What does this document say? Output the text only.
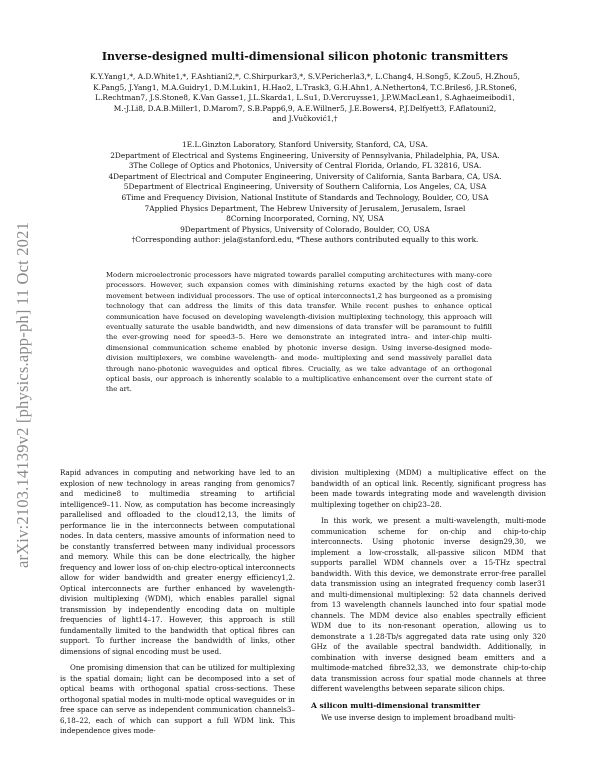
arXiv:2103.14139v2 [physics.app-ph] 11 Oct 2021
Inverse-designed multi-dimensional silicon photonic transmitters
K.Y.Yang1,*, A.D.White1,*, F.Ashtiani2,*, C.Shirpurkar3,*, S.V.Pericherla3,*, L.Chang4, H.Song5, K.Zou5, H.Zhou5,
K.Pang5, J.Yang1, M.A.Guidry1, D.M.Lukin1, H.Hao2, L.Trask3, G.H.Ahn1, A.Netherton4, T.C.Briles6, J.R.Stone6,
L.Rechtman7, J.S.Stone8, K.Van Gasse1, J.L.Skarda1, L.Su1, D.Vercruysse1, J.P.W.MacLean1, S.Aghaeimeibodi1,
M.-J.Li8, D.A.B.Miller1, D.Marom7, S.B.Papp6,9, A.E.Willner5, J.E.Bowers4, P.J.Delfyett3, F.Aflatouni2,
and J.Vučković1,†
1E.L.Ginzton Laboratory, Stanford University, Stanford, CA, USA.
2Department of Electrical and Systems Engineering, University of Pennsylvania, Philadelphia, PA, USA.
3The College of Optics and Photonics, University of Central Florida, Orlando, FL 32816, USA.
4Department of Electrical and Computer Engineering, University of California, Santa Barbara, CA, USA.
5Department of Electrical Engineering, University of Southern California, Los Angeles, CA, USA
6Time and Frequency Division, National Institute of Standards and Technology, Boulder, CO, USA
7Applied Physics Department, The Hebrew University of Jerusalem, Jerusalem, Israel
8Corning Incorporated, Corning, NY, USA
9Department of Physics, University of Colorado, Boulder, CO, USA
†Corresponding author: jela@stanford.edu, *These authors contributed equally to this work.
Modern microelectronic processors have migrated towards parallel computing architectures with many-core processors. However, such expansion comes with diminishing returns exacted by the high cost of data movement between individual processors. The use of optical interconnects1,2 has burgeoned as a promising technology that can address the limits of this data transfer. While recent pushes to enhance optical communication have focused on developing wavelength-division multiplexing technology, this approach will eventually saturate the usable bandwidth, and new dimensions of data transfer will be paramount to fulfill the ever-growing need for speed3–5. Here we demonstrate an integrated intra- and inter-chip multi-dimensional communication scheme enabled by photonic inverse design. Using inverse-designed mode-division multiplexers, we combine wavelength- and mode- multiplexing and send massively parallel data through nano-photonic waveguides and optical fibres. Crucially, as we take advantage of an orthogonal optical basis, our approach is inherently scalable to a multiplicative enhancement over the current state of the art.

Rapid advances in computing and networking have led to an explosion of new technology in areas ranging from genomics7 and medicine8 to multimedia streaming to artificial intelligence9–11. Now, as computation has become increasingly parallelised and offloaded to the cloud12,13, the limits of performance lie in the interconnects between computational nodes. In data centers, massive amounts of information need to be constantly transferred between many individual processors and memory. While this can be done electrically, the higher frequency and lower loss of on-chip electro-optical interconnects allow for wider bandwidth and greater energy efficiency1,2. Optical interconnects are further enhanced by wavelength-division multiplexing (WDM), which enables parallel signal transmission by independently encoding data on multiple frequencies of light14–17. However, this approach is still fundamentally limited to the bandwidth that optical fibres can support. To further increase the bandwidth of links, other dimensions of signal encoding must be used.

One promising dimension that can be utilized for multiplexing is the spatial domain; light can be decomposed into a set of optical beams with orthogonal spatial cross-sections. These orthogonal spatial modes in multi-mode optical waveguides or in free space can serve as independent communication channels3–6,18–22, each of which can support a full WDM link. This independence gives mode-

division multiplexing (MDM) a multiplicative effect on the bandwidth of an optical link. Recently, significant progress has been made towards integrating mode and wavelength division multiplexing together on chip23–28.

In this work, we present a multi-wavelength, multi-mode communication scheme for on-chip and chip-to-chip interconnects. Using photonic inverse design29,30, we implement a low-crosstalk, all-passive silicon MDM that supports parallel WDM channels over a 15-THz spectral bandwidth. With this device, we demonstrate error-free parallel data transmission using an integrated frequency comb laser31 and multi-dimensional multiplexing: 52 data channels derived from 13 wavelength channels launched into four spatial mode channels. The MDM device also enables spectrally efficient WDM due to its non-resonant operation, allowing us to demonstrate a 1.28-Tb/s aggregated data rate using only 320 GHz of the available spectral bandwidth. Additionally, in combination with inverse designed beam emitters and a multimode-matched fibre32,33, we demonstrate chip-to-chip data transmission across four spatial mode channels at three different wavelengths between separate silicon chips.

A silicon multi-dimensional transmitter

We use inverse design to implement broadband multi-
